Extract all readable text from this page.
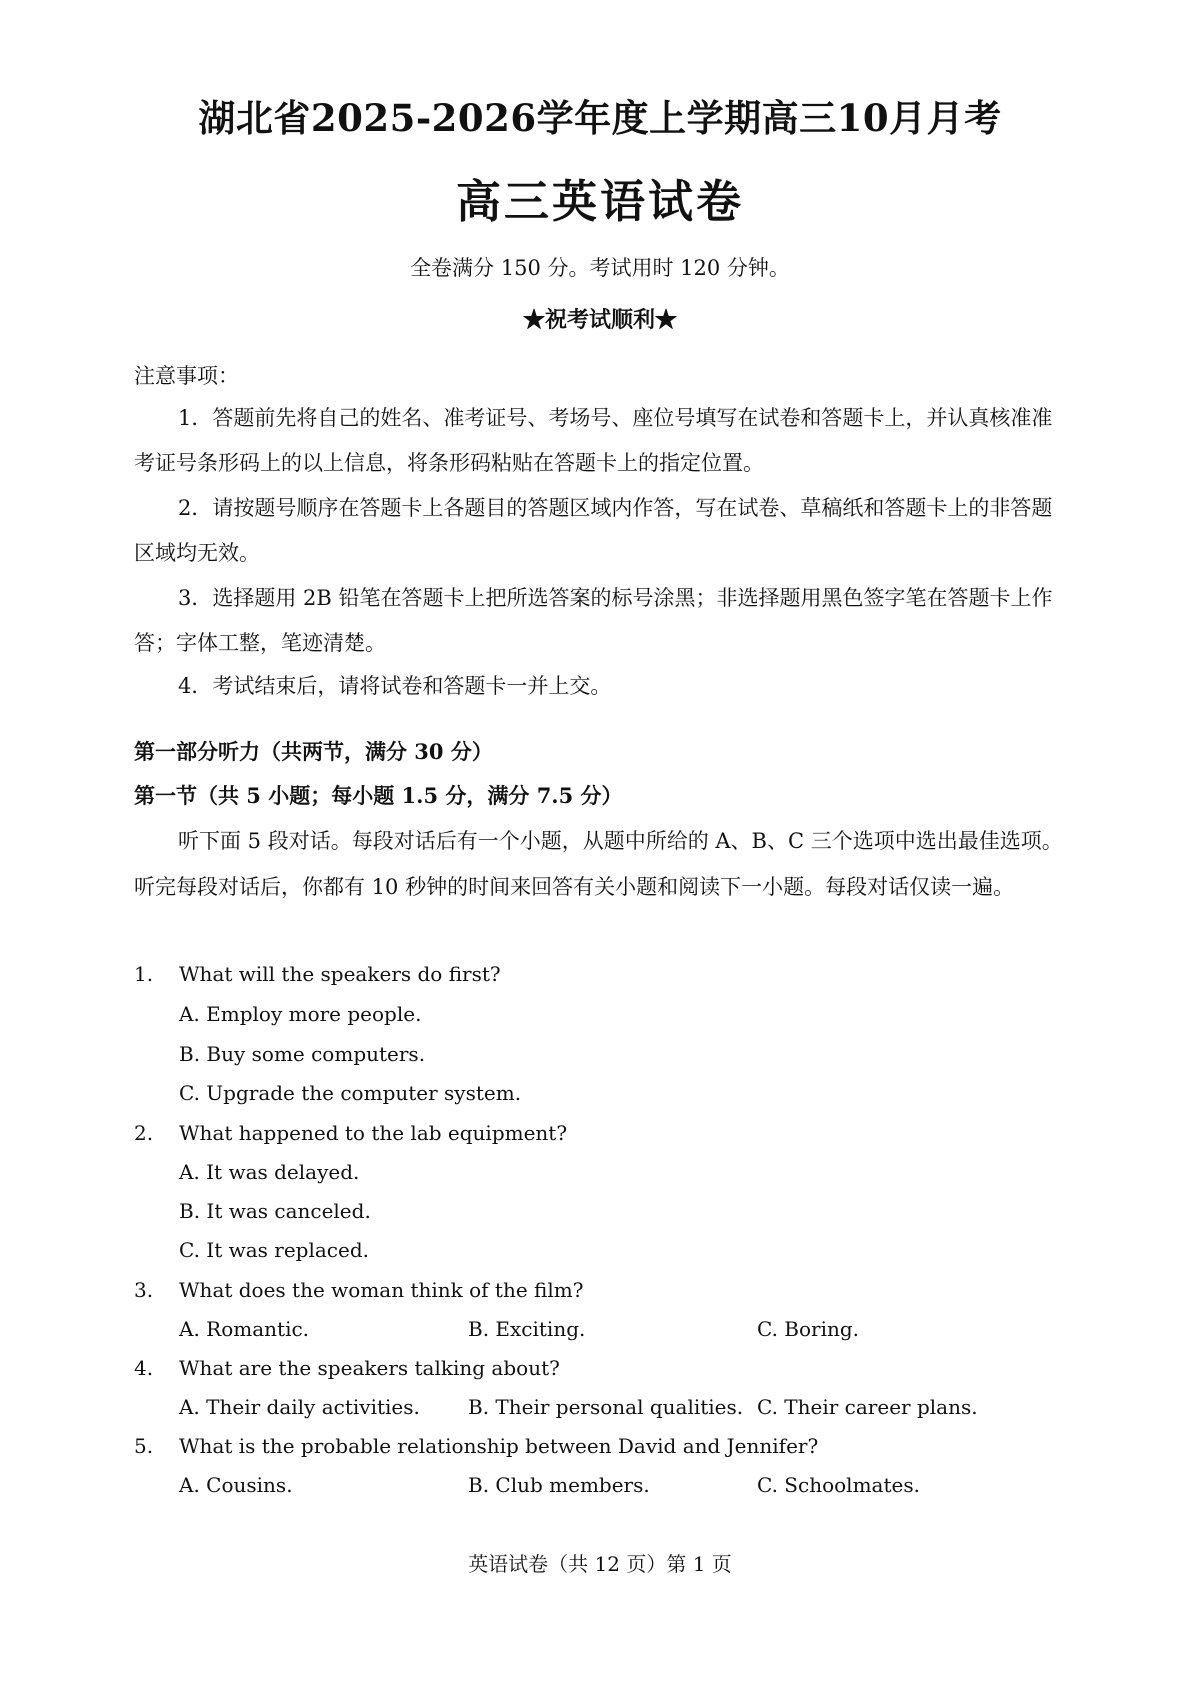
湖北省2025-2026学年度上学期高三10月月考
高三英语试卷
全卷满分 150 分。考试用时 120 分钟。
★祝考试顺利★
注意事项：
1．答题前先将自己的姓名、准考证号、考场号、座位号填写在试卷和答题卡上，并认真核准准考证号条形码上的以上信息，将条形码粘贴在答题卡上的指定位置。
2．请按题号顺序在答题卡上各题目的答题区域内作答，写在试卷、草稿纸和答题卡上的非答题区域均无效。
3．选择题用 2B 铅笔在答题卡上把所选答案的标号涂黑；非选择题用黑色签字笔在答题卡上作答；字体工整，笔迹清楚。
4．考试结束后，请将试卷和答题卡一并上交。
第一部分听力（共两节，满分 30 分）
第一节（共 5 小题；每小题 1.5 分，满分 7.5 分）
听下面 5 段对话。每段对话后有一个小题，从题中所给的 A、B、C 三个选项中选出最佳选项。听完每段对话后，你都有 10 秒钟的时间来回答有关小题和阅读下一小题。每段对话仅读一遍。
1. What will the speakers do first?
A. Employ more people.
B. Buy some computers.
C. Upgrade the computer system.
2. What happened to the lab equipment?
A. It was delayed.
B. It was canceled.
C. It was replaced.
3. What does the woman think of the film?
A. Romantic.	B. Exciting.	C. Boring.
4. What are the speakers talking about?
A. Their daily activities. B. Their personal qualities. C. Their career plans.
5. What is the probable relationship between David and Jennifer?
A. Cousins.	B. Club members.	C. Schoolmates.
英语试卷（共 12 页）第 1 页
